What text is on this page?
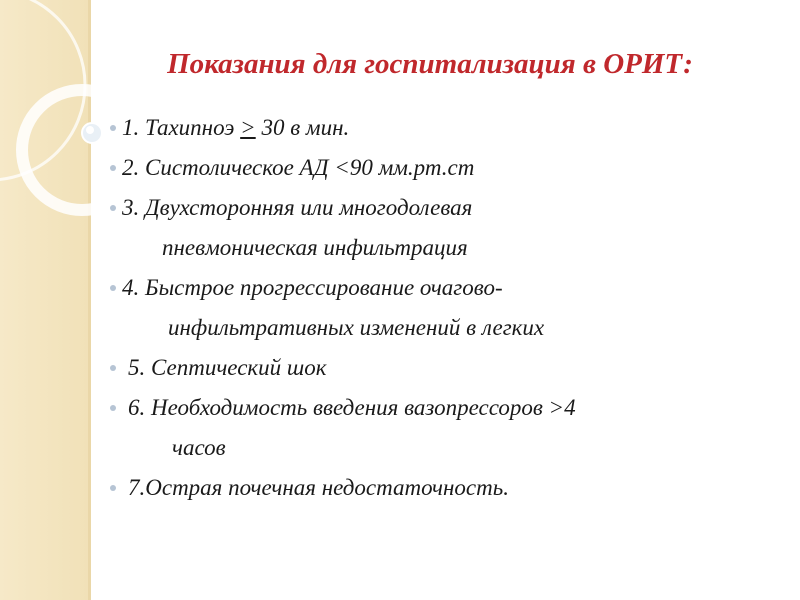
Показания для госпитализация в ОРИТ:
1. Тахипноэ > 30 в мин.
2. Систолическое АД <90 мм.рт.ст
3. Двухсторонняя или многодолевая
пневмоническая инфильтрация
4. Быстрое прогрессирование очагово-
инфильтративных изменений в легких
5. Септический шок
6. Необходимость введения вазопрессоров >4
часов
7.Острая почечная недостаточность.
